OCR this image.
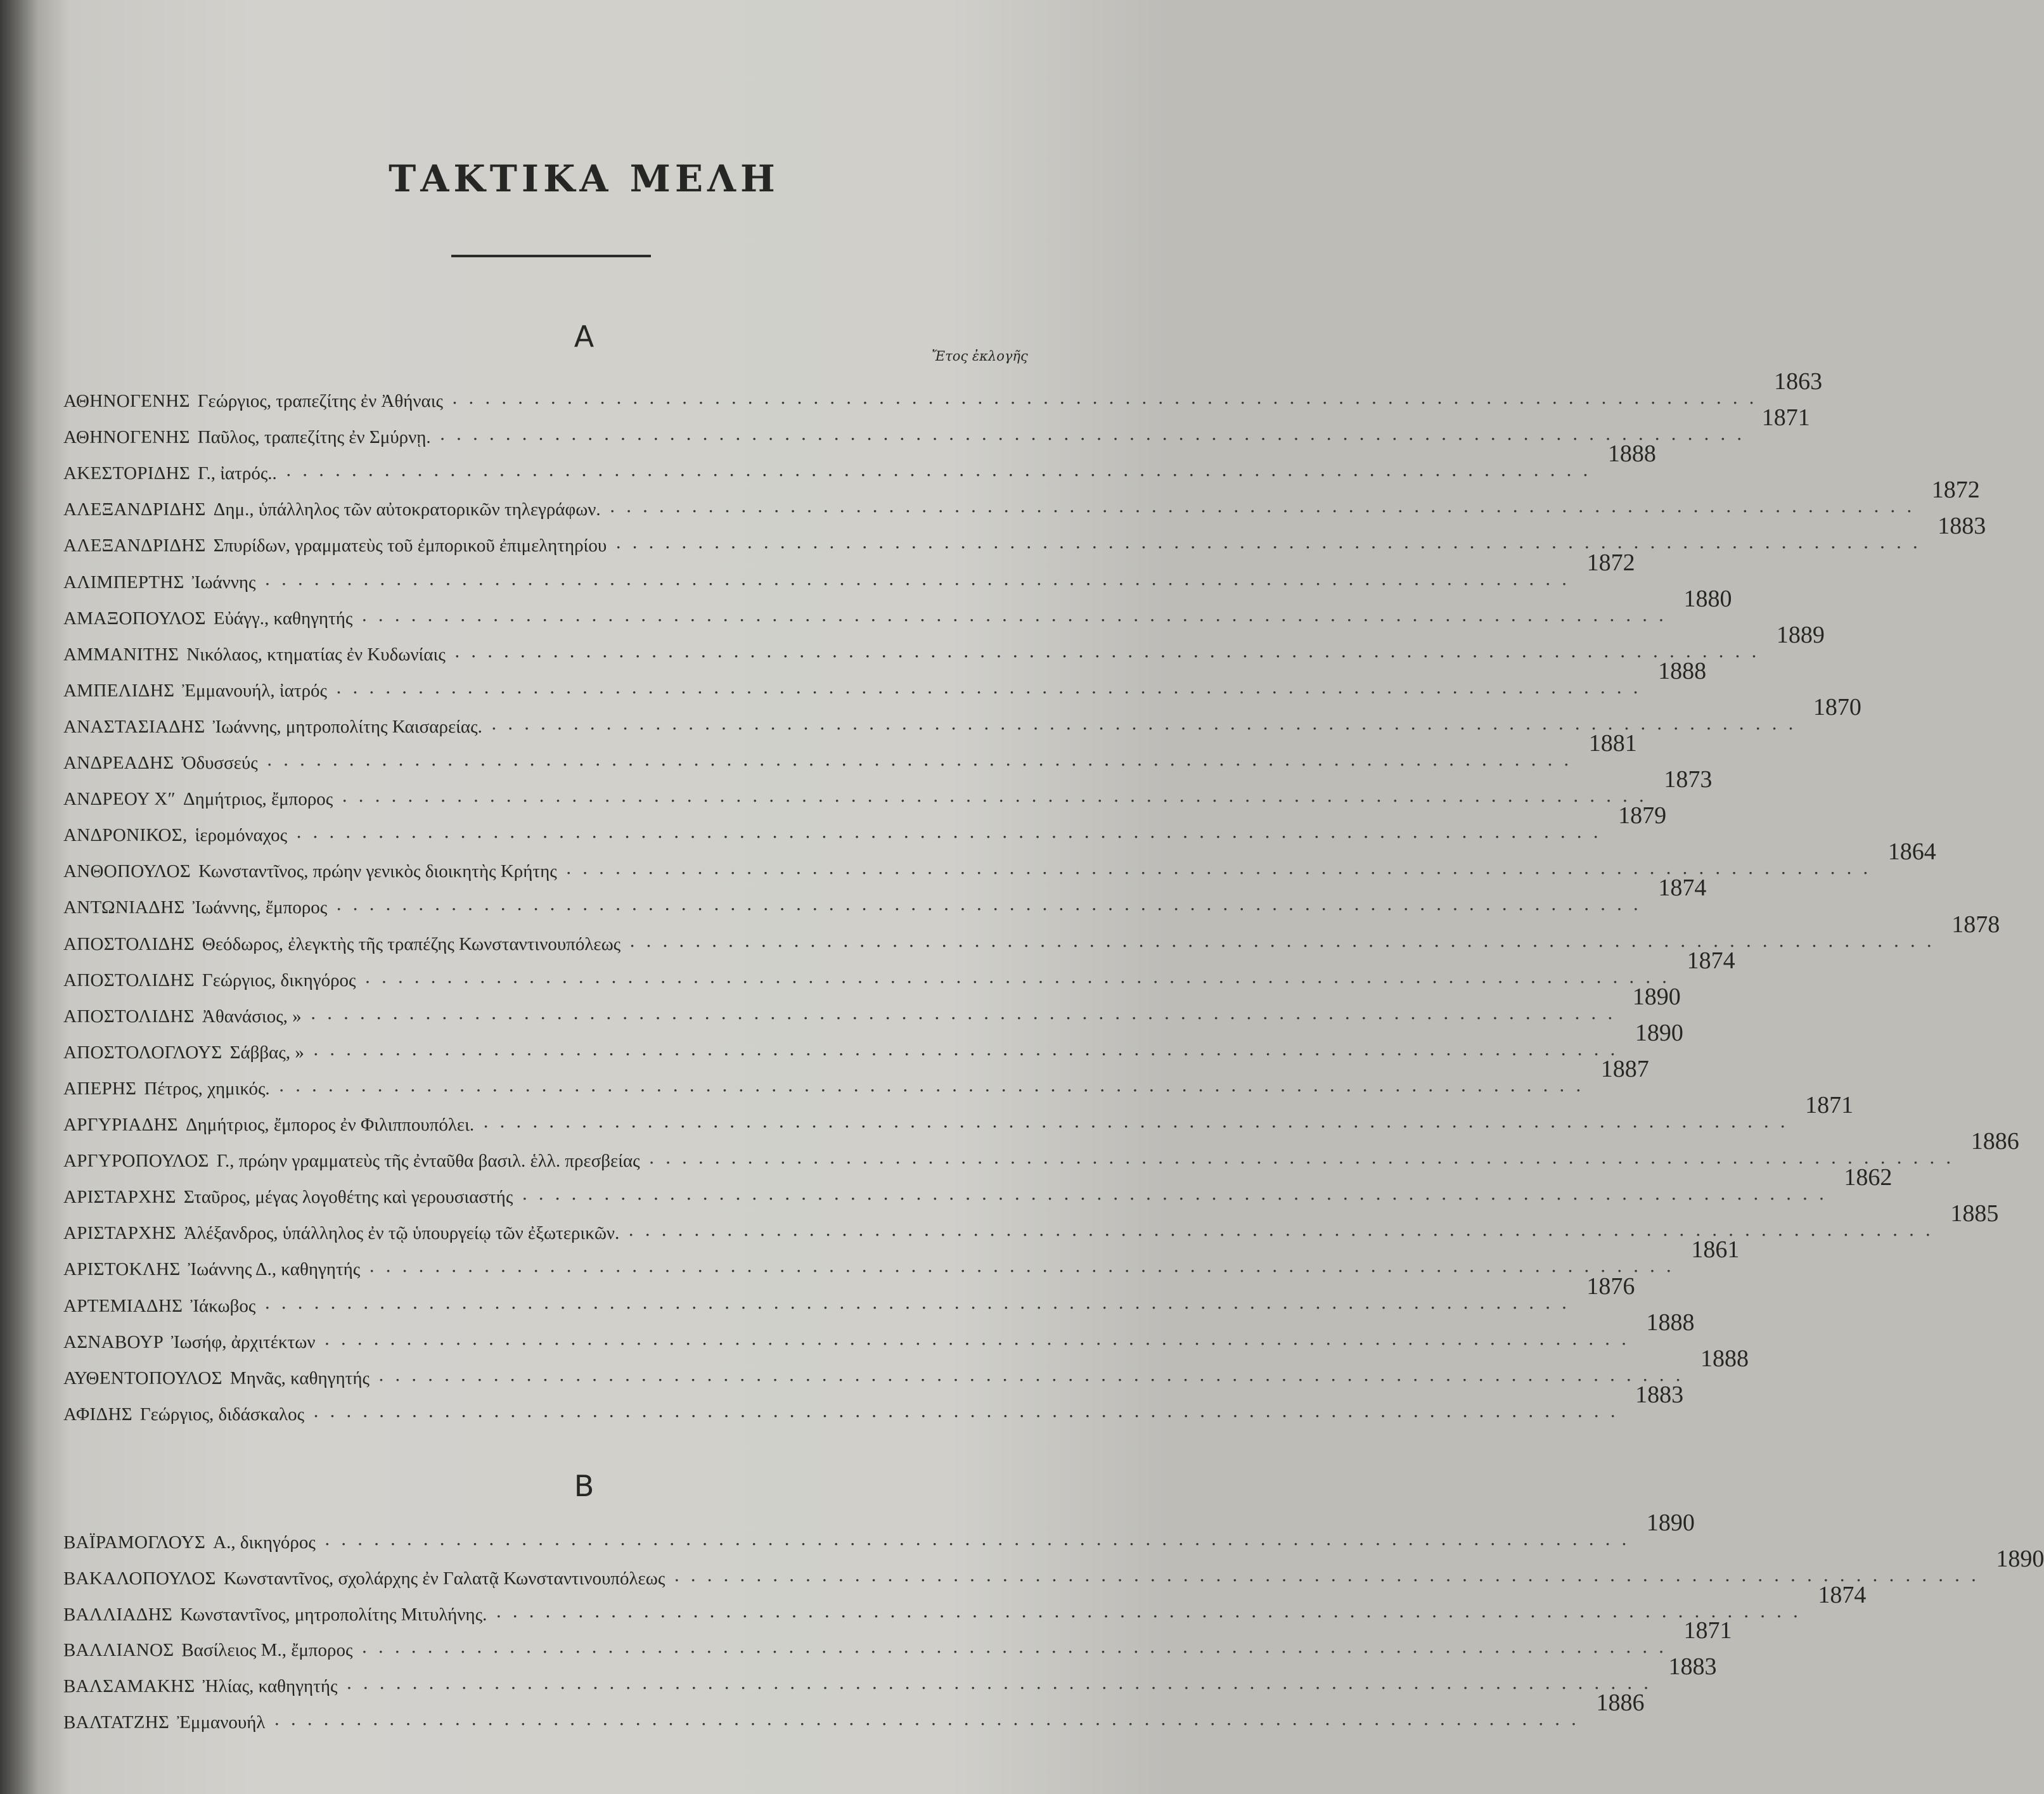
ΤΑΚΤΙΚΑ ΜΕΛΗ
Α
Ἔτος ἐκλογῆς
ΑΘΗΝΟΓΕΝΗΣ Γεώργιος, τραπεζίτης ἐν Ἀθήναις ................................................................................
1863
ΑΘΗΝΟΓΕΝΗΣ Παῦλος, τραπεζίτης ἐν Σμύρνῃ. ................................................................................
1871
ΑΚΕΣΤΟΡΙΔΗΣ Γ., ἰατρός.. ................................................................................
1888
ΑΛΕΞΑΝΔΡΙΔΗΣ Δημ., ὑπάλληλος τῶν αὐτοκρατορικῶν τηλεγράφων. ................................................................................
1872
ΑΛΕΞΑΝΔΡΙΔΗΣ Σπυρίδων, γραμματεὺς τοῦ ἐμπορικοῦ ἐπιμελητηρίου ................................................................................
1883
ΑΛΙΜΠΕΡΤΗΣ Ἰωάννης ................................................................................
1872
ΑΜΑΞΟΠΟΥΛΟΣ Εὐάγγ., καθηγητής ................................................................................
1880
ΑΜΜΑΝΙΤΗΣ Νικόλαος, κτηματίας ἐν Κυδωνίαις ................................................................................
1889
ΑΜΠΕΛΙΔΗΣ Ἐμμανουήλ, ἰατρός ................................................................................
1888
ΑΝΑΣΤΑΣΙΑΔΗΣ Ἰωάννης, μητροπολίτης Καισαρείας. ................................................................................
1870
ΑΝΔΡΕΑΔΗΣ Ὀδυσσεύς ................................................................................
1881
ΑΝΔΡΕΟΥ Χ″ Δημήτριος, ἔμπορος ................................................................................
1873
ΑΝΔΡΟΝΙΚΟΣ, ἱερομόναχος ................................................................................
1879
ΑΝΘΟΠΟΥΛΟΣ Κωνσταντῖνος, πρώην γενικὸς διοικητὴς Κρήτης ................................................................................
1864
ΑΝΤΩΝΙΑΔΗΣ Ἰωάννης, ἔμπορος ................................................................................
1874
ΑΠΟΣΤΟΛΙΔΗΣ Θεόδωρος, ἐλεγκτὴς τῆς τραπέζης Κωνσταντινουπόλεως ................................................................................
1878
ΑΠΟΣΤΟΛΙΔΗΣ Γεώργιος, δικηγόρος ................................................................................
1874
ΑΠΟΣΤΟΛΙΔΗΣ Ἀθανάσιος, » ................................................................................
1890
ΑΠΟΣΤΟΛΟΓΛΟΥΣ Σάββας, » ................................................................................
1890
ΑΠΕΡΗΣ Πέτρος, χημικός. ................................................................................
1887
ΑΡΓΥΡΙΑΔΗΣ Δημήτριος, ἔμπορος ἐν Φιλιππουπόλει. ................................................................................
1871
ΑΡΓΥΡΟΠΟΥΛΟΣ Γ., πρώην γραμματεὺς τῆς ἐνταῦθα βασιλ. ἑλλ. πρεσβείας ................................................................................
1886
ΑΡΙΣΤΑΡΧΗΣ Σταῦρος, μέγας λογοθέτης καὶ γερουσιαστής ................................................................................
1862
ΑΡΙΣΤΑΡΧΗΣ Ἀλέξανδρος, ὑπάλληλος ἐν τῷ ὑπουργείῳ τῶν ἐξωτερικῶν. ................................................................................
1885
ΑΡΙΣΤΟΚΛΗΣ Ἰωάννης Δ., καθηγητής ................................................................................
1861
ΑΡΤΕΜΙΑΔΗΣ Ἰάκωβος ................................................................................
1876
ΑΣΝΑΒΟΥΡ Ἰωσήφ, ἀρχιτέκτων ................................................................................
1888
ΑΥΘΕΝΤΟΠΟΥΛΟΣ Μηνᾶς, καθηγητής ................................................................................
1888
ΑΦΙΔΗΣ Γεώργιος, διδάσκαλος ................................................................................
1883
Β
ΒΑΪΡΑΜΟΓΛΟΥΣ Α., δικηγόρος ................................................................................
1890
ΒΑΚΑΛΟΠΟΥΛΟΣ Κωνσταντῖνος, σχολάρχης ἐν Γαλατᾷ Κωνσταντινουπόλεως ................................................................................
1890
ΒΑΛΛΙΑΔΗΣ Κωνσταντῖνος, μητροπολίτης Μιτυλήνης. ................................................................................
1874
ΒΑΛΛΙΑΝΟΣ Βασίλειος Μ., ἔμπορος ................................................................................
1871
ΒΑΛΣΑΜΑΚΗΣ Ἠλίας, καθηγητής ................................................................................
1883
ΒΑΛΤΑΤΖΗΣ Ἐμμανουήλ ................................................................................
1886
